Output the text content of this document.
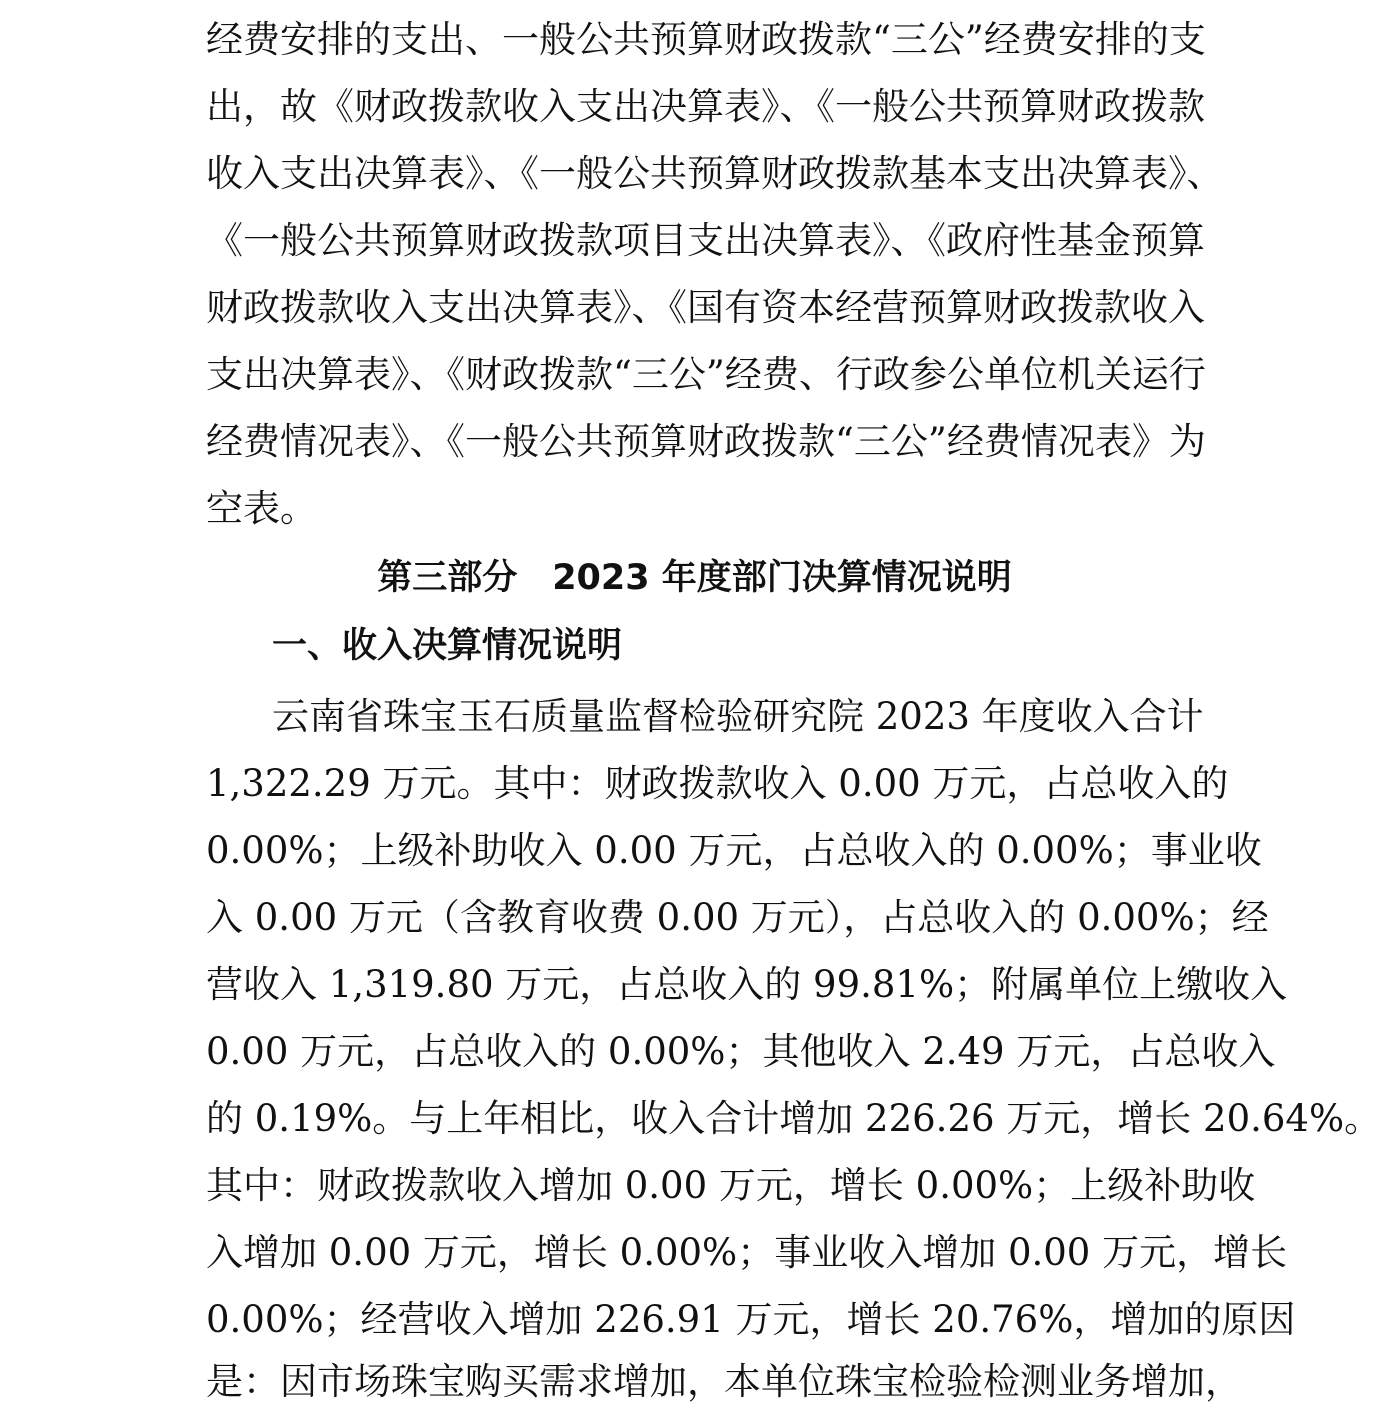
经费安排的支出、一般公共预算财政拨款“三公”经费安排的支
出，故《财政拨款收入支出决算表》、《一般公共预算财政拨款
收入支出决算表》、《一般公共预算财政拨款基本支出决算表》、
《一般公共预算财政拨款项目支出决算表》、《政府性基金预算
财政拨款收入支出决算表》、《国有资本经营预算财政拨款收入
支出决算表》、《财政拨款“三公”经费、行政参公单位机关运行
经费情况表》、《一般公共预算财政拨款“三公”经费情况表》为
空表。
第三部分　2023 年度部门决算情况说明
一、收入决算情况说明
云南省珠宝玉石质量监督检验研究院 2023 年度收入合计
1,322.29 万元。其中：财政拨款收入 0.00 万元，占总收入的
0.00%；上级补助收入 0.00 万元，占总收入的 0.00%；事业收
入 0.00 万元（含教育收费 0.00 万元），占总收入的 0.00%；经
营收入 1,319.80 万元，占总收入的 99.81%；附属单位上缴收入
0.00 万元，占总收入的 0.00%；其他收入 2.49 万元，占总收入
的 0.19%。与上年相比，收入合计增加 226.26 万元，增长 20.64%。
其中：财政拨款收入增加 0.00 万元，增长 0.00%；上级补助收
入增加 0.00 万元，增长 0.00%；事业收入增加 0.00 万元，增长
0.00%；经营收入增加 226.91 万元，增长 20.76%，增加的原因
是：因市场珠宝购买需求增加，本单位珠宝检验检测业务增加，
